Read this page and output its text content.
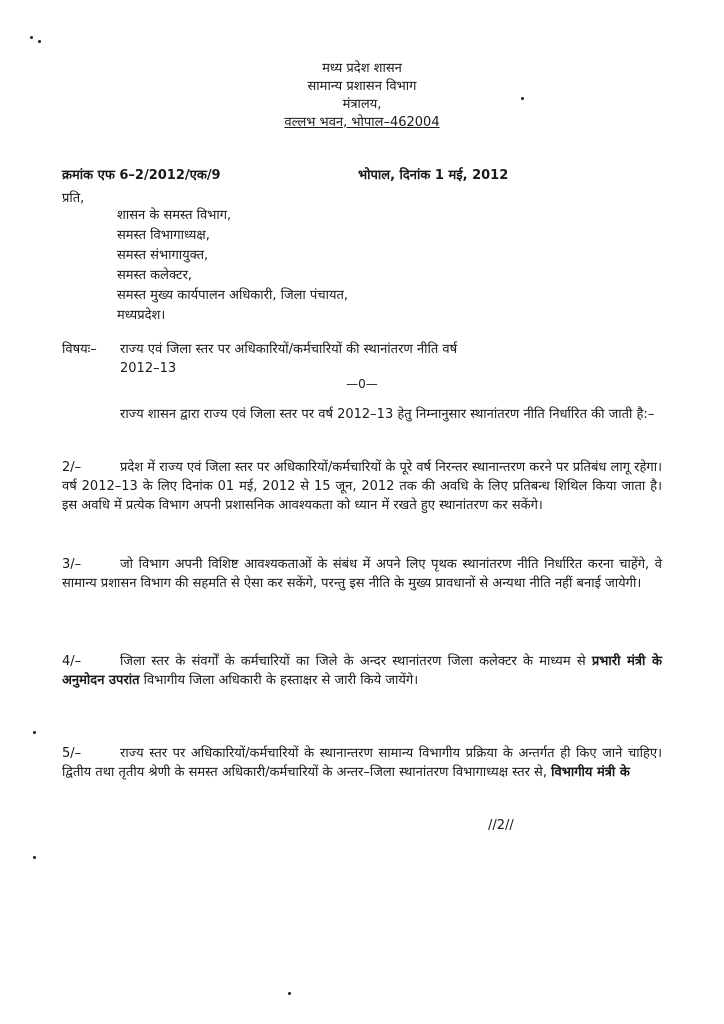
मध्य प्रदेश शासन
सामान्य प्रशासन विभाग
मंत्रालय,
वल्लभ भवन, भोपाल–462004
क्रमांक एफ 6–2/2012/एक/9	भोपाल, दिनांक 1 मई, 2012
प्रति,
शासन के समस्त विभाग,
समस्त विभागाध्यक्ष,
समस्त संभागायुक्त,
समस्त कलेक्टर,
समस्त मुख्य कार्यपालन अधिकारी, जिला पंचायत,
मध्यप्रदेश।
विषयः– राज्य एवं जिला स्तर पर अधिकारियों/कर्मचारियों की स्थानांतरण नीति वर्ष
2012–13
—0—
राज्य शासन द्वारा राज्य एवं जिला स्तर पर वर्ष 2012–13 हेतु निम्नानुसार स्थानांतरण नीति निर्धारित की जाती है:–
2/–	प्रदेश में राज्य एवं जिला स्तर पर अधिकारियों/कर्मचारियों के पूरे वर्ष निरन्तर स्थानान्तरण करने पर प्रतिबंध लागू रहेगा। वर्ष 2012–13 के लिए दिनांक 01 मई, 2012 से 15 जून, 2012 तक की अवधि के लिए प्रतिबन्ध शिथिल किया जाता है। इस अवधि में प्रत्येक विभाग अपनी प्रशासनिक आवश्यकता को ध्यान में रखते हुए स्थानांतरण कर सकेंगे।
3/–	जो विभाग अपनी विशिष्ट आवश्यकताओं के संबंध में अपने लिए पृथक स्थानांतरण नीति निर्धारित करना चाहेंगे, वे सामान्य प्रशासन विभाग की सहमति से ऐसा कर सकेंगे, परन्तु इस नीति के मुख्य प्रावधानों से अन्यथा नीति नहीं बनाई जायेगी।
4/–	जिला स्तर के संवर्गों के कर्मचारियों का जिले के अन्दर स्थानांतरण जिला कलेक्टर के माध्यम से प्रभारी मंत्री के अनुमोदन उपरांत विभागीय जिला अधिकारी के हस्ताक्षर से जारी किये जायेंगे।
5/–	राज्य स्तर पर अधिकारियों/कर्मचारियों के स्थानान्तरण सामान्य विभागीय प्रक्रिया के अन्तर्गत ही किए जाने चाहिए। द्वितीय तथा तृतीय श्रेणी के समस्त अधिकारी/कर्मचारियों के अन्तर–जिला स्थानांतरण विभागाध्यक्ष स्तर से, विभागीय मंत्री के
//2//
